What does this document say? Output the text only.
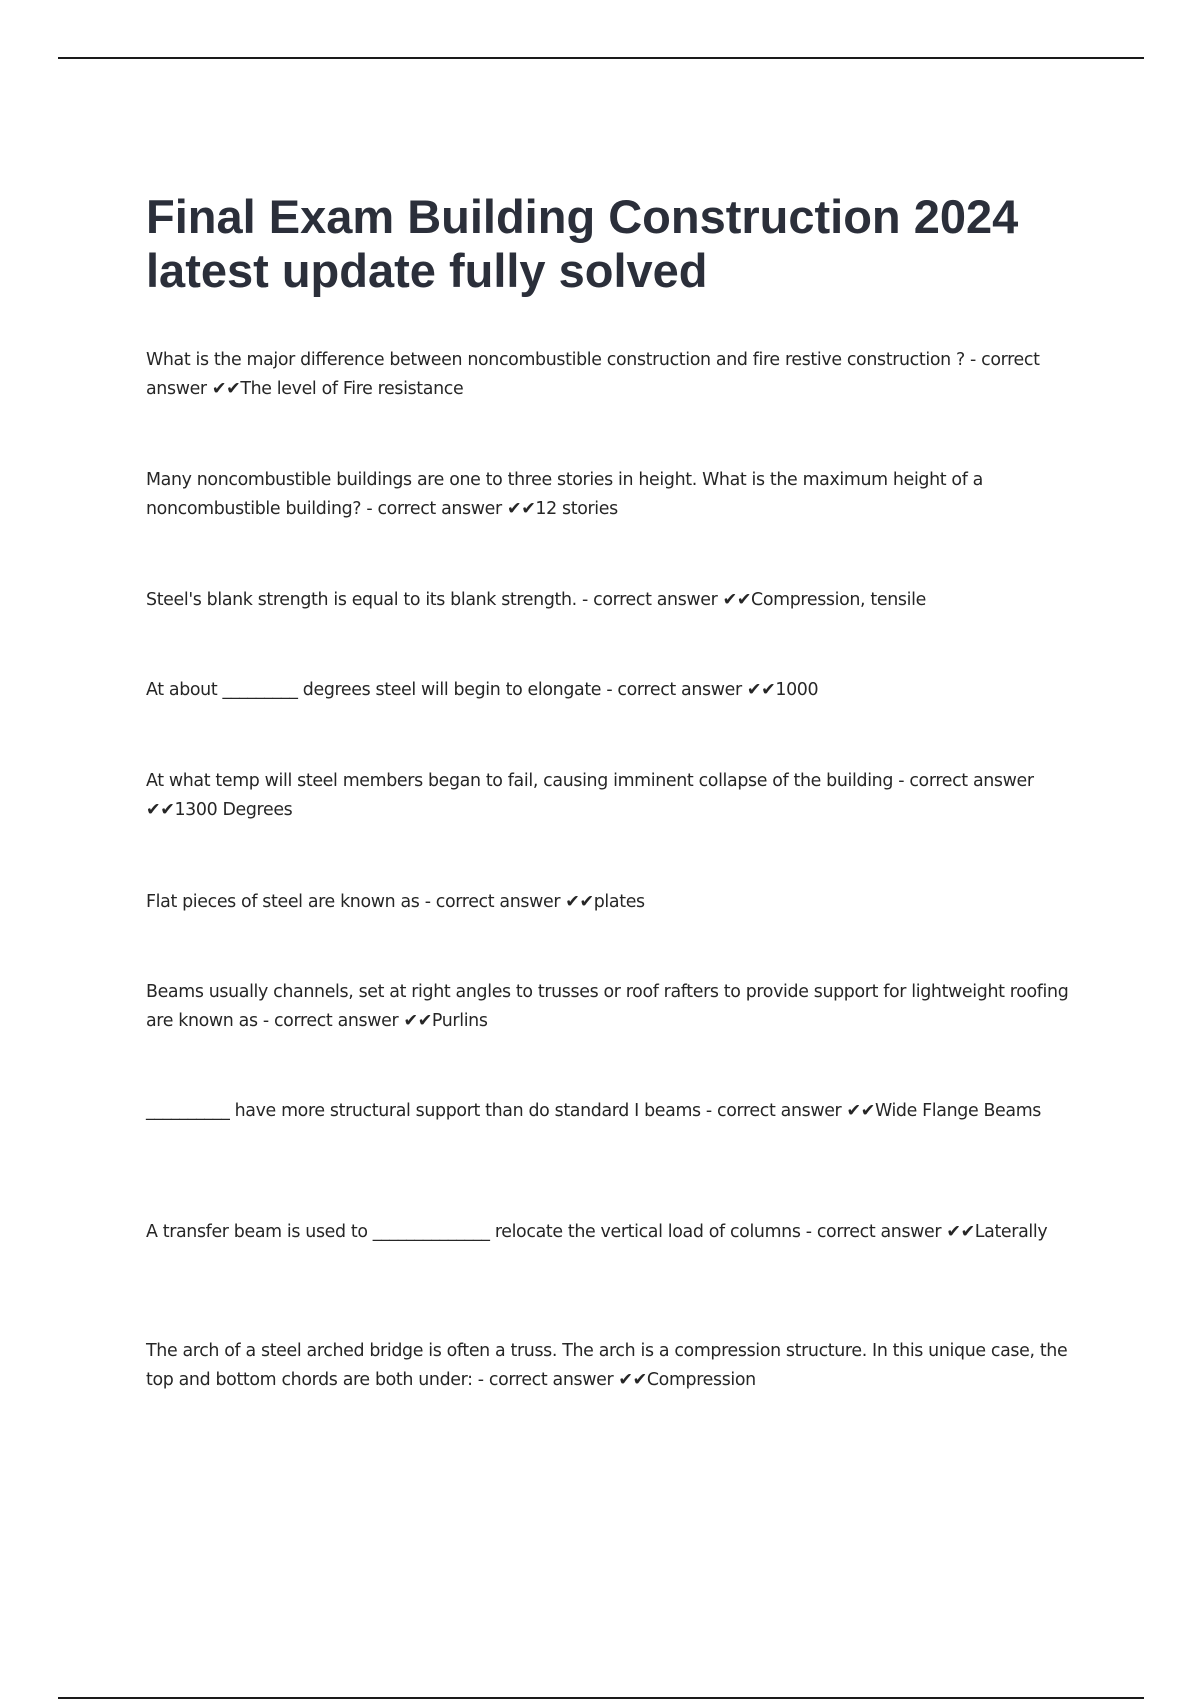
Final Exam Building Construction 2024 latest update fully solved
What is the major difference between noncombustible construction and fire restive construction ? - correct answer ✔✔The level of Fire resistance
Many noncombustible buildings are one to three stories in height. What is the maximum height of a noncombustible building? - correct answer ✔✔12 stories
Steel's blank strength is equal to its blank strength. - correct answer ✔✔Compression, tensile
At about _________ degrees steel will begin to elongate - correct answer ✔✔1000
At what temp will steel members began to fail, causing imminent collapse of the building - correct answer ✔✔1300 Degrees
Flat pieces of steel are known as - correct answer ✔✔plates
Beams usually channels, set at right angles to trusses or roof rafters to provide support for lightweight roofing are known as - correct answer ✔✔Purlins
__________ have more structural support than do standard I beams - correct answer ✔✔Wide Flange Beams
A transfer beam is used to ______________ relocate the vertical load of columns - correct answer ✔✔Laterally
The arch of a steel arched bridge is often a truss. The arch is a compression structure. In this unique case, the top and bottom chords are both under: - correct answer ✔✔Compression
